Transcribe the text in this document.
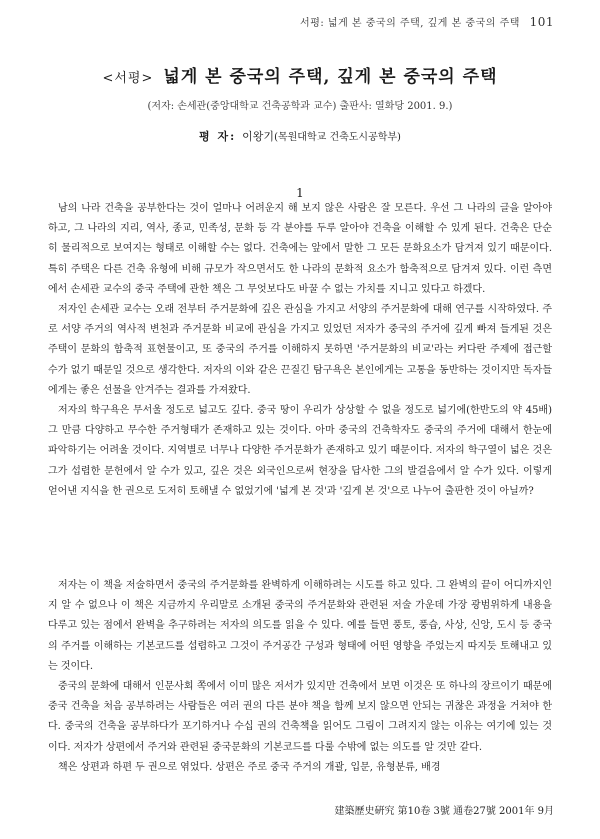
서평: 넓게 본 중국의 주택, 깊게 본 중국의 주택 101
<서평> 넓게 본 중국의 주택, 깊게 본 중국의 주택
(저자: 손세관(중앙대학교 건축공학과 교수) 출판사: 열화당 2001. 9.)
평 자: 이왕기(목원대학교 건축도시공학부)
1

남의 나라 건축을 공부한다는 것이 얼마나 어려운지 해 보지 않은 사람은 잘 모른다. 우선 그 나라의 글을 알아야 하고, 그 나라의 지리, 역사, 종교, 민족성, 문화 등 각 분야를 두루 알아야 건축을 이해할 수 있게 된다. 건축은 단순히 물리적으로 보여지는 형태로 이해할 수는 없다. 건축에는 앞에서 말한 그 모든 문화요소가 담겨져 있기 때문이다. 특히 주택은 다른 건축 유형에 비해 규모가 작으면서도 한 나라의 문화적 요소가 함축적으로 담겨져 있다. 이런 측면에서 손세관 교수의 중국 주택에 관한 책은 그 무엇보다도 바꿀 수 없는 가치를 지니고 있다고 하겠다.

저자인 손세관 교수는 오래 전부터 주거문화에 깊은 관심을 가지고 서양의 주거문화에 대해 연구를 시작하였다. 주로 서양 주거의 역사적 변천과 주거문화 비교에 관심을 가지고 있었던 저자가 중국의 주거에 깊게 빠져 들게된 것은 주택이 문화의 함축적 표현물이고, 또 중국의 주거를 이해하지 못하면 '주거문화의 비교'라는 커다란 주제에 접근할 수가 없기 때문일 것으로 생각한다. 저자의 이와 같은 끈질긴 탐구욕은 본인에게는 고통을 동반하는 것이지만 독자들에게는 좋은 선물을 안겨주는 결과를 가져왔다.

저자의 학구욕은 무서울 정도로 넓고도 깊다. 중국 땅이 우리가 상상할 수 없을 정도로 넓기에(한반도의 약 45배) 그 만큼 다양하고 무수한 주거형태가 존재하고 있는 것이다. 아마 중국의 건축학자도 중국의 주거에 대해서 한눈에 파악하기는 어려울 것이다. 지역별로 너무나 다양한 주거문화가 존재하고 있기 때문이다. 저자의 학구열이 넓은 것은 그가 섭렵한 문헌에서 알 수가 있고, 깊은 것은 외국인으로써 현장을 답사한 그의 발걸음에서 알 수가 있다. 이렇게 얻어낸 지식을 한 권으로 도저히 토해낼 수 없었기에 '넓게 본 것'과 '깊게 본 것'으로 나누어 출판한 것이 아닐까?

저자는 이 책을 저술하면서 중국의 주거문화를 완벽하게 이해하려는 시도를 하고 있다. 그 완벽의 끝이 어디까지인지 알 수 없으나 이 책은 지금까지 우리말로 소개된 중국의 주거문화와 관련된 저술 가운데 가장 광범위하게 내용을 다루고 있는 점에서 완벽을 추구하려는 저자의 의도를 읽을 수 있다. 예를 들면 풍토, 풍습, 사상, 신앙, 도시 등 중국의 주거를 이해하는 기본코드를 섭렵하고 그것이 주거공간 구성과 형태에 어떤 영향을 주었는지 따지듯 토해내고 있는 것이다.

중국의 문화에 대해서 인문사회 쪽에서 이미 많은 저서가 있지만 건축에서 보면 이것은 또 하나의 장르이기 때문에 중국 건축을 처음 공부하려는 사람들은 여러 권의 다른 분야 책을 함께 보지 않으면 안되는 귀찮은 과정을 거쳐야 한다. 중국의 건축을 공부하다가 포기하거나 수십 권의 건축책을 읽어도 그림이 그려지지 않는 이유는 여기에 있는 것이다. 저자가 상편에서 주거와 관련된 중국문화의 기본코드를 다룰 수밖에 없는 의도를 알 것만 같다.

책은 상편과 하편 두 권으로 엮었다. 상편은 주로 중국 주거의 개괄, 입문, 유형분류, 배경

建築歷史硏究 第10卷 3號 通卷27號 2001年 9月
